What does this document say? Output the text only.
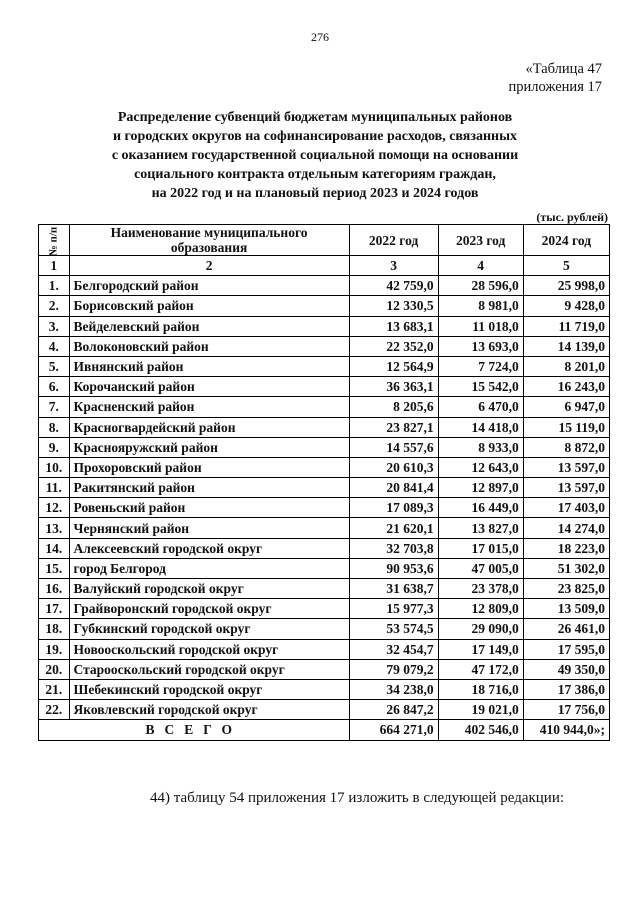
276
«Таблица 47
приложения 17
Распределение субвенций бюджетам муниципальных районов
и городских округов на софинансирование расходов, связанных
с оказанием государственной социальной помощи на основании
социального контракта отдельным категориям граждан,
на 2022 год и на плановый период 2023 и 2024 годов
(тыс. рублей)
№ п/п	Наименование муниципального образования	2022 год	2023 год	2024 год
1	2	3	4	5
1.	Белгородский район	42 759,0	28 596,0	25 998,0
2.	Борисовский район	12 330,5	8 981,0	9 428,0
3.	Вейделевский район	13 683,1	11 018,0	11 719,0
4.	Волоконовский район	22 352,0	13 693,0	14 139,0
5.	Ивнянский район	12 564,9	7 724,0	8 201,0
6.	Корочанский район	36 363,1	15 542,0	16 243,0
7.	Красненский район	8 205,6	6 470,0	6 947,0
8.	Красногвардейский район	23 827,1	14 418,0	15 119,0
9.	Краснояружский район	14 557,6	8 933,0	8 872,0
10.	Прохоровский район	20 610,3	12 643,0	13 597,0
11.	Ракитянский район	20 841,4	12 897,0	13 597,0
12.	Ровеньский район	17 089,3	16 449,0	17 403,0
13.	Чернянский район	21 620,1	13 827,0	14 274,0
14.	Алексеевский городской округ	32 703,8	17 015,0	18 223,0
15.	город Белгород	90 953,6	47 005,0	51 302,0
16.	Валуйский городской округ	31 638,7	23 378,0	23 825,0
17.	Грайворонский городской округ	15 977,3	12 809,0	13 509,0
18.	Губкинский городской округ	53 574,5	29 090,0	26 461,0
19.	Новооскольский городской округ	32 454,7	17 149,0	17 595,0
20.	Старооскольский городской округ	79 079,2	47 172,0	49 350,0
21.	Шебекинский городской округ	34 238,0	18 716,0	17 386,0
22.	Яковлевский городской округ	26 847,2	19 021,0	17 756,0
ВСЕГО		664 271,0	402 546,0	410 944,0»;
44) таблицу 54 приложения 17 изложить в следующей редакции:
